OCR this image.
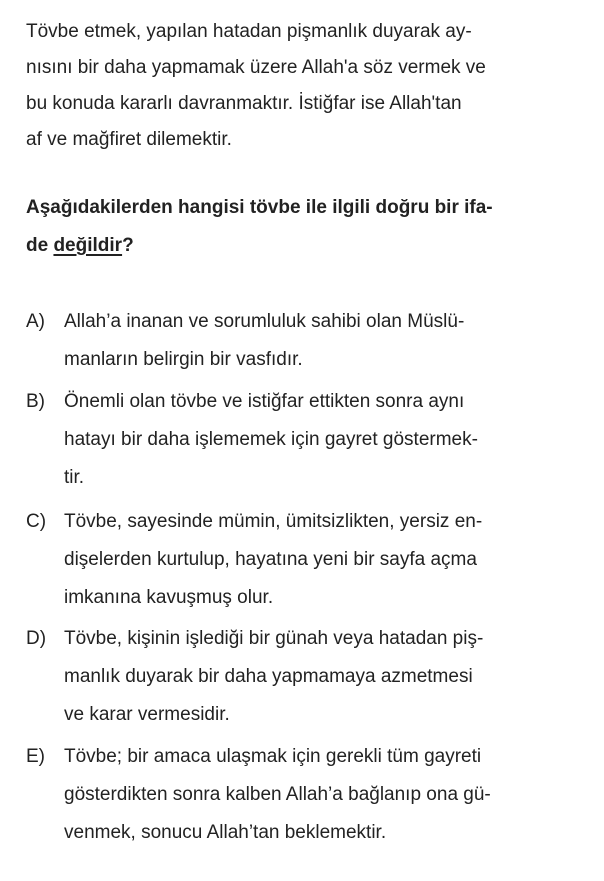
Tövbe etmek, yapılan hatadan pişmanlık duyarak ay-
nısını bir daha yapmamak üzere Allah'a söz vermek ve
bu konuda kararlı davranmaktır. İstiğfar ise Allah'tan
af ve mağfiret dilemektir.
Aşağıdakilerden hangisi tövbe ile ilgili doğru bir ifa-
de değildir?
A) Allah’a inanan ve sorumluluk sahibi olan Müslü-
manların belirgin bir vasfıdır.
B) Önemli olan tövbe ve istiğfar ettikten sonra aynı
hatayı bir daha işlememek için gayret göstermek-
tir.
C) Tövbe, sayesinde mümin, ümitsizlikten, yersiz en-
dişelerden kurtulup, hayatına yeni bir sayfa açma
imkanına kavuşmuş olur.
D) Tövbe, kişinin işlediği bir günah veya hatadan piş-
manlık duyarak bir daha yapmamaya azmetmesi
ve karar vermesidir.
E) Tövbe; bir amaca ulaşmak için gerekli tüm gayreti
gösterdikten sonra kalben Allah’a bağlanıp ona gü-
venmek, sonucu Allah’tan beklemektir.
